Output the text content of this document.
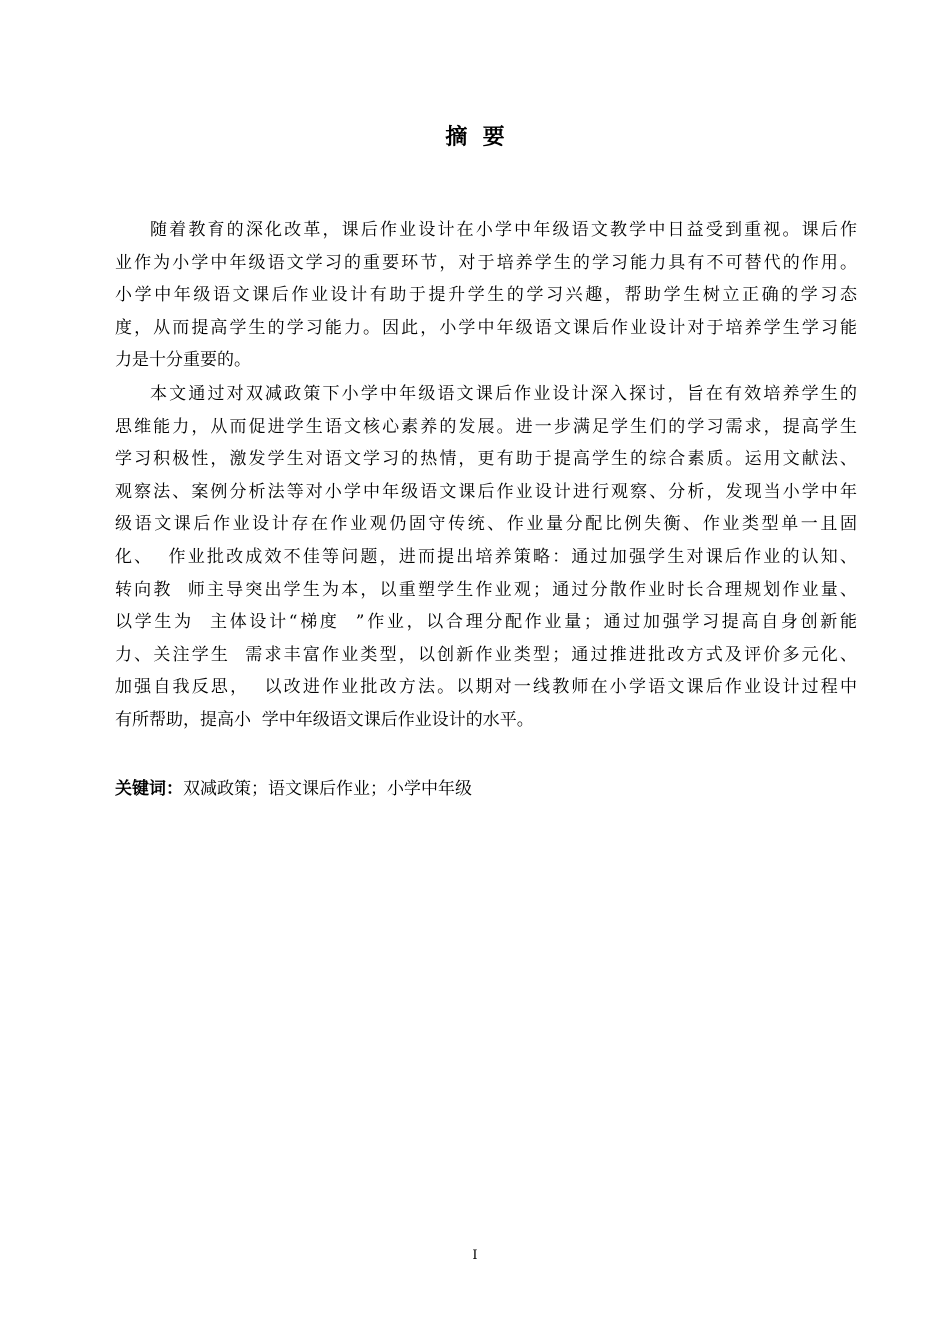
摘  要
随着教育的深化改革，课后作业设计在小学中年级语文教学中日益受到重视。课后作
业作为小学中年级语文学习的重要环节，对于培养学生的学习能力具有不可替代的作用。
小学中年级语文课后作业设计有助于提升学生的学习兴趣，帮助学生树立正确的学习态
度，从而提高学生的学习能力。因此，小学中年级语文课后作业设计对于培养学生学习能
力是十分重要的。
本文通过对双减政策下小学中年级语文课后作业设计深入探讨，旨在有效培养学生的
思维能力，从而促进学生语文核心素养的发展。进一步满足学生们的学习需求，提高学生
学习积极性，激发学生对语文学习的热情，更有助于提高学生的综合素质。运用文献法、
观察法、案例分析法等对小学中年级语文课后作业设计进行观察、分析，发现当小学中年
级语文课后作业设计存在作业观仍固守传统、作业量分配比例失衡、作业类型单一且固
化、  作业批改成效不佳等问题，进而提出培养策略：通过加强学生对课后作业的认知、
转向教  师主导突出学生为本，以重塑学生作业观；通过分散作业时长合理规划作业量、
以学生为  主体设计“梯度  ”作业，以合理分配作业量；通过加强学习提高自身创新能
力、关注学生  需求丰富作业类型，以创新作业类型；通过推进批改方式及评价多元化、
加强自我反思，  以改进作业批改方法。以期对一线教师在小学语文课后作业设计过程中
有所帮助，提高小  学中年级语文课后作业设计的水平。
关键词：双减政策；语文课后作业；小学中年级
I
